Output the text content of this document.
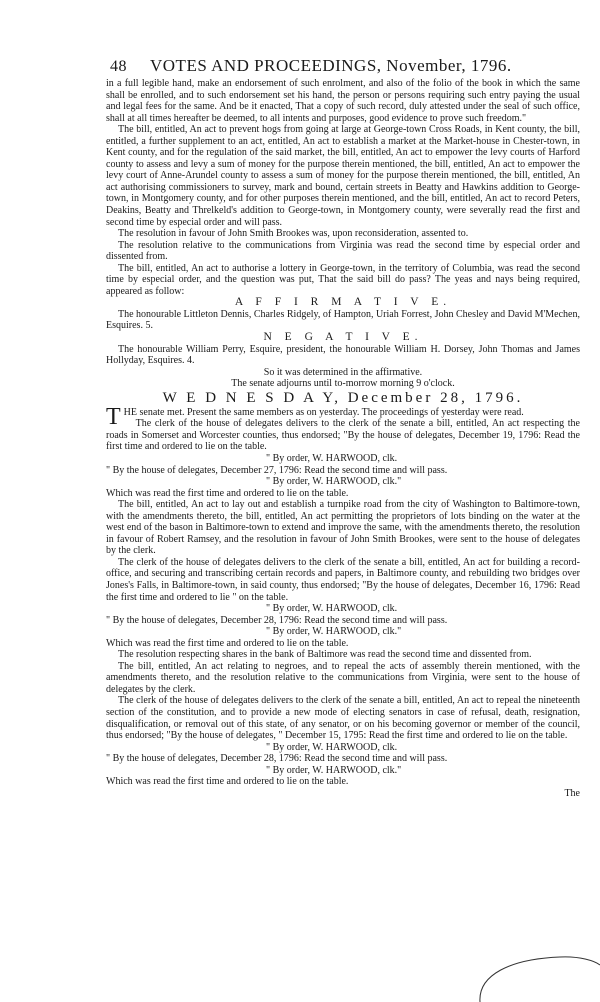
48 VOTES AND PROCEEDINGS, November, 1796.

in a full legible hand, make an endorsement of such enrolment, and also of the folio of the book in which the same shall be enrolled, and to such endorsement set his hand, the person or persons requiring such entry paying the usual and legal fees for the same. And be it enacted, That a copy of such record, duly attested under the seal of such office, shall at all times hereafter be deemed, to all intents and purposes, good evidence to prove such freedom."

The bill, entitled, An act to prevent hogs from going at large at George-town Cross Roads, in Kent county, the bill, entitled, a further supplement to an act, entitled, An act to establish a market at the Market-house in Chester-town, in Kent county, and for the regulation of the said market, the bill, entitled, An act to empower the levy courts of Harford county to assess and levy a sum of money for the purpose therein mentioned, the bill, entitled, An act to empower the levy court of Anne-Arundel county to assess a sum of money for the purpose therein mentioned, the bill, entitled, An act authorising commissioners to survey, mark and bound, certain streets in Beatty and Hawkins addition to George-town, in Montgomery county, and for other purposes therein mentioned, and the bill, entitled, An act to record Peters, Deakins, Beatty and Threlkeld's addition to George-town, in Montgomery county, were severally read the first and second time by especial order and will pass.

The resolution in favour of John Smith Brookes was, upon reconsideration, assented to.

The resolution relative to the communications from Virginia was read the second time by especial order and dissented from.

The bill, entitled, An act to authorise a lottery in George-town, in the territory of Columbia, was read the second time by especial order, and the question was put, That the said bill do pass? The yeas and nays being required, appeared as follow:

A F F I R M A T I V E.

The honourable Littleton Dennis, Charles Ridgely, of Hampton, Uriah Forrest, John Chesley and David M'Mechen, Esquires. 5.

N E G A T I V E.

The honourable William Perry, Esquire, president, the honourable William H. Dorsey, John Thomas and James Hollyday, Esquires. 4.

So it was determined in the affirmative.

The senate adjourns until to-morrow morning 9 o'clock.

W E D N E S D A Y, December 28, 1796.

THE senate met. Present the same members as on yesterday. The proceedings of yesterday were read.

The clerk of the house of delegates delivers to the clerk of the senate a bill, entitled, An act respecting the roads in Somerset and Worcester counties, thus endorsed; "By the house of delegates, December 19, 1796: Read the first time and ordered to lie on the table.

" By order, W. HARWOOD, clk.

" By the house of delegates, December 27, 1796: Read the second time and will pass.

" By order, W. HARWOOD, clk."

Which was read the first time and ordered to lie on the table.

The bill, entitled, An act to lay out and establish a turnpike road from the city of Washington to Baltimore-town, with the amendments thereto, the bill, entitled, An act permitting the proprietors of lots binding on the water at the west end of the bason in Baltimore-town to extend and improve the same, with the amendments thereto, the resolution in favour of Robert Ramsey, and the resolution in favour of John Smith Brookes, were sent to the house of delegates by the clerk.

The clerk of the house of delegates delivers to the clerk of the senate a bill, entitled, An act for building a record-office, and securing and transcribing certain records and papers, in Baltimore county, and rebuilding two bridges over Jones's Falls, in Baltimore-town, in said county, thus endorsed; "By the house of delegates, December 16, 1796: Read the first time and ordered to lie " on the table.

" By order, W. HARWOOD, clk.

" By the house of delegates, December 28, 1796: Read the second time and will pass.

" By order, W. HARWOOD, clk."

Which was read the first time and ordered to lie on the table.

The resolution respecting shares in the bank of Baltimore was read the second time and dissented from.

The bill, entitled, An act relating to negroes, and to repeal the acts of assembly therein mentioned, with the amendments thereto, and the resolution relative to the communications from Virginia, were sent to the house of delegates by the clerk.

The clerk of the house of delegates delivers to the clerk of the senate a bill, entitled, An act to repeal the nineteenth section of the constitution, and to provide a new mode of electing senators in case of refusal, death, resignation, disqualification, or removal out of this state, of any senator, or on his becoming governor or member of the council, thus endorsed; "By the house of delegates, " December 15, 1795: Read the first time and ordered to lie on the table.

" By order, W. HARWOOD, clk.

" By the house of delegates, December 28, 1796: Read the second time and will pass.

" By order, W. HARWOOD, clk."

Which was read the first time and ordered to lie on the table.

The
